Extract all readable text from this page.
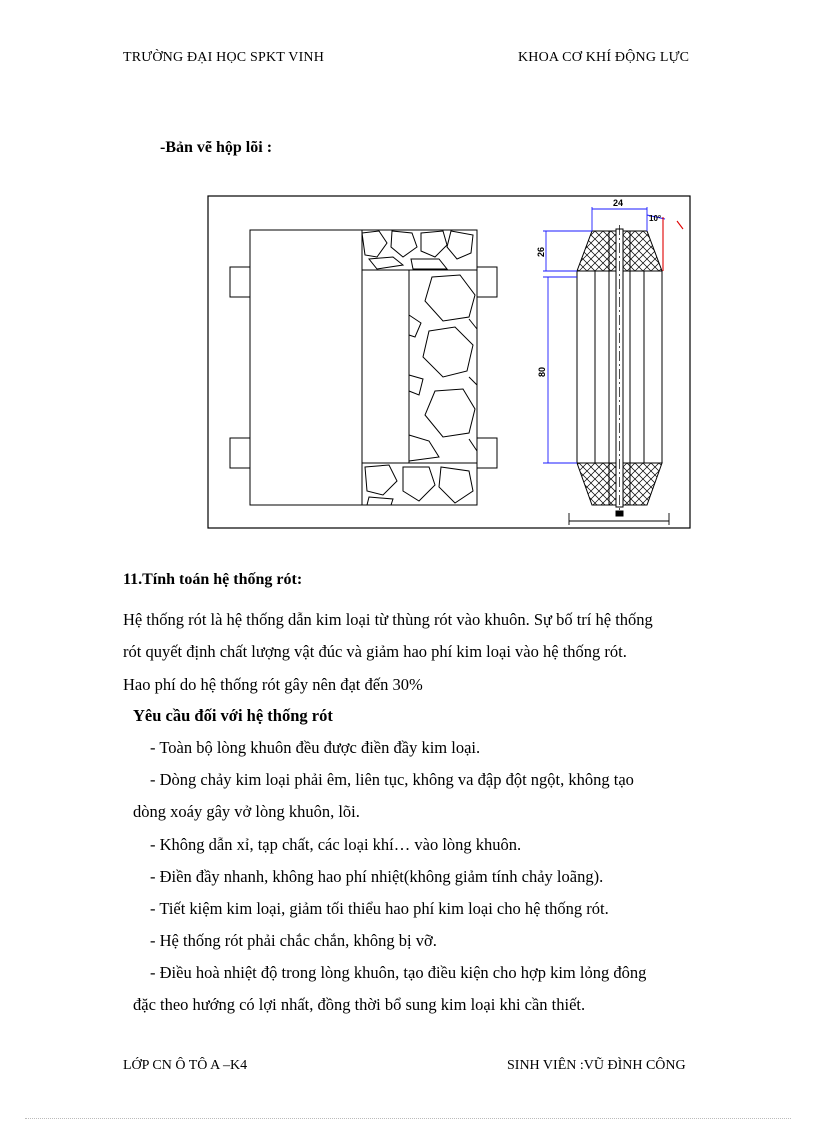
TRƯỜNG ĐẠI HỌC SPKT VINH	KHOA CƠ KHÍ ĐỘNG LỰC
-Bản vẽ hộp lõi :
24
10°
26
80
11.Tính toán hệ thống rót:
Hệ thống rót là hệ thống dẫn kim loại từ thùng rót vào khuôn. Sự bố trí hệ thống
rót quyết định chất lượng vật đúc và giảm hao phí kim loại vào hệ thống rót.
Hao phí do hệ thống rót gây nên đạt đến 30%
Yêu cầu đối với hệ thống rót
- Toàn bộ lòng khuôn đều được điền đầy kim loại.
- Dòng chảy kim loại phải êm, liên tục, không va đập đột ngột, không tạo
dòng xoáy gây vở lòng khuôn, lõi.
- Không dẫn xỉ, tạp chất, các loại khí… vào lòng khuôn.
- Điền đầy nhanh, không hao phí nhiệt(không giảm tính chảy loãng).
- Tiết kiệm kim loại, giảm tối thiểu hao phí kim loại cho hệ thống rót.
- Hệ thống rót phải chắc chắn, không bị vỡ.
- Điều hoà nhiệt độ trong lòng khuôn, tạo điều kiện cho hợp kim lỏng đông
đặc theo hướng có lợi nhất, đồng thời bổ sung kim loại khi cần thiết.
LỚP CN Ô TÔ A –K4	SINH VIÊN :VŨ ĐÌNH CÔNG
